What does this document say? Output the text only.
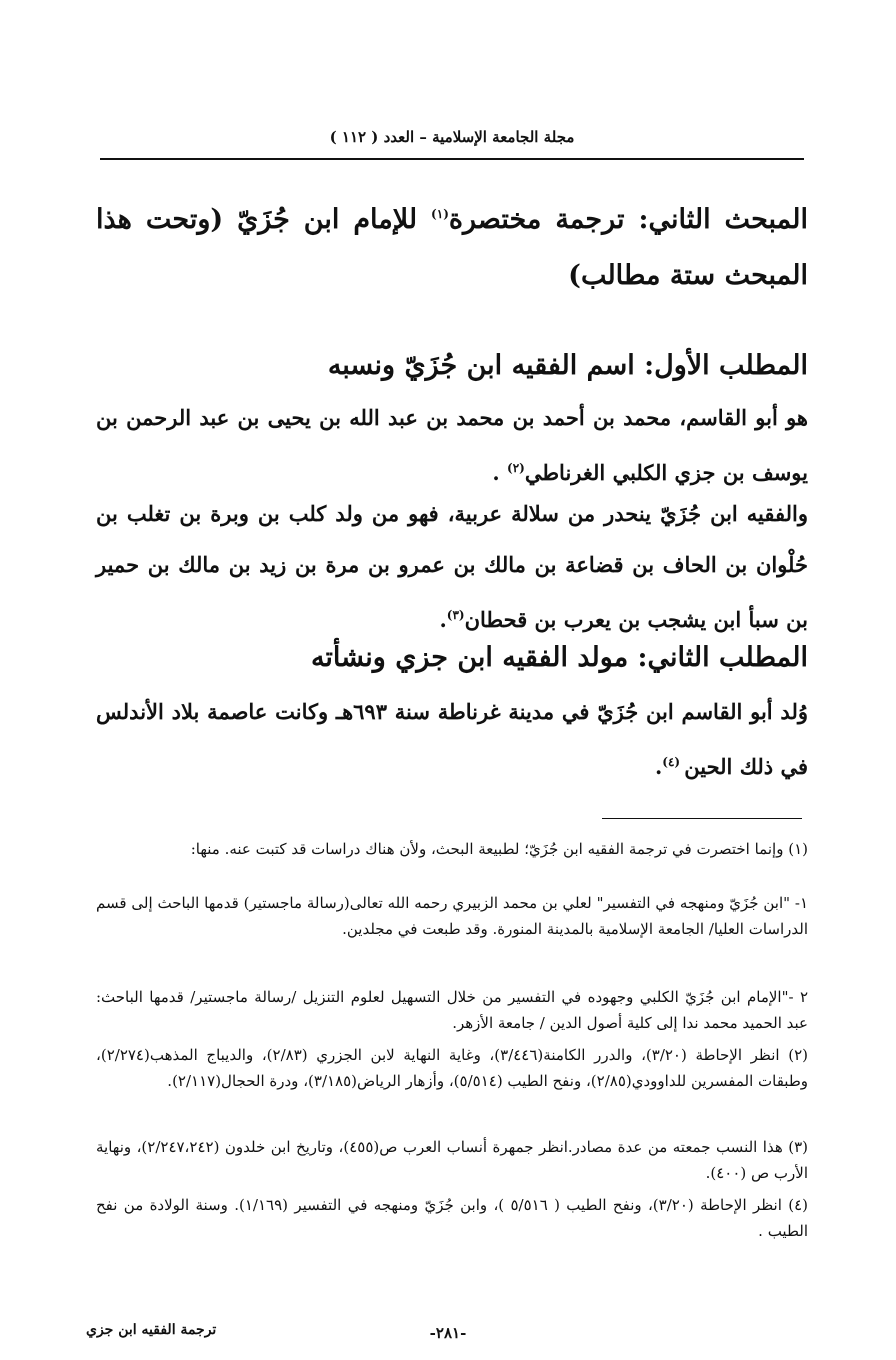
مجلة الجامعة الإسلامية – العدد ( ١١٢ )
المبحث الثاني: ترجمة مختصرة$^{(١)}$ للإمام ابن جُزَيّ (وتحت هذا المبحث ستة مطالب)
المطلب الأول: اسم الفقيه ابن جُزَيّ ونسبه
هو أبو القاسم، محمد بن أحمد بن محمد بن عبد الله بن يحيى بن عبد الرحمن بن يوسف بن جزي الكلبي الغرناطي$^{(٢)}$ .
والفقيه ابن جُزَيّ ينحدر من سلالة عربية، فهو من ولد كلب بن وبرة بن تغلب بن حُلْوان بن الحاف بن قضاعة بن مالك بن عمرو بن مرة بن زيد بن مالك بن حمير بن سبأ ابن يشجب بن يعرب بن قحطان$^{(٣)}$.
المطلب الثاني: مولد الفقيه ابن جزي ونشأته
وُلد أبو القاسم ابن جُزَيّ في مدينة غرناطة سنة ٦٩٣هـ وكانت عاصمة بلاد الأندلس في ذلك الحين $^{(٤)}$.
(١) وإنما اختصرت في ترجمة الفقيه ابن جُزَيّ؛ لطبيعة البحث، ولأن هناك دراسات قد كتبت عنه. منها:
١- "ابن جُزَيّ ومنهجه في التفسير" لعلي بن محمد الزبيري رحمه الله تعالى(رسالة ماجستير) قدمها الباحث إلى قسم الدراسات العليا/ الجامعة الإسلامية بالمدينة المنورة. وقد طبعت في مجلدين.
٢ -"الإمام ابن جُزَيّ الكلبي وجهوده في التفسير من خلال التسهيل لعلوم التنزيل /رسالة ماجستير/ قدمها الباحث: عبد الحميد محمد ندا إلى كلية أصول الدين / جامعة الأزهر.
(٢) انظر الإحاطة (٣/٢٠)، والدرر الكامنة(٣/٤٤٦)، وغاية النهاية لابن الجزري (٢/٨٣)، والديباج المذهب(٢/٢٧٤)، وطبقات المفسرين للداوودي(٢/٨٥)، ونفح الطيب (٥/٥١٤)، وأزهار الرياض(٣/١٨٥)، ودرة الحجال(٢/١١٧).
(٣) هذا النسب جمعته من عدة مصادر.انظر جمهرة أنساب العرب ص(٤٥٥)، وتاريخ ابن خلدون (٢/٢٤٧،٢٤٢)، ونهاية الأرب ص (٤٠٠).
(٤) انظر الإحاطة (٣/٢٠)، ونفح الطيب ( ٥/٥١٦ )، وابن جُزَيّ ومنهجه في التفسير (١/١٦٩). وسنة الولادة من نفح الطيب .
-٢٨١-
ترجمة الفقيه ابن جزي
